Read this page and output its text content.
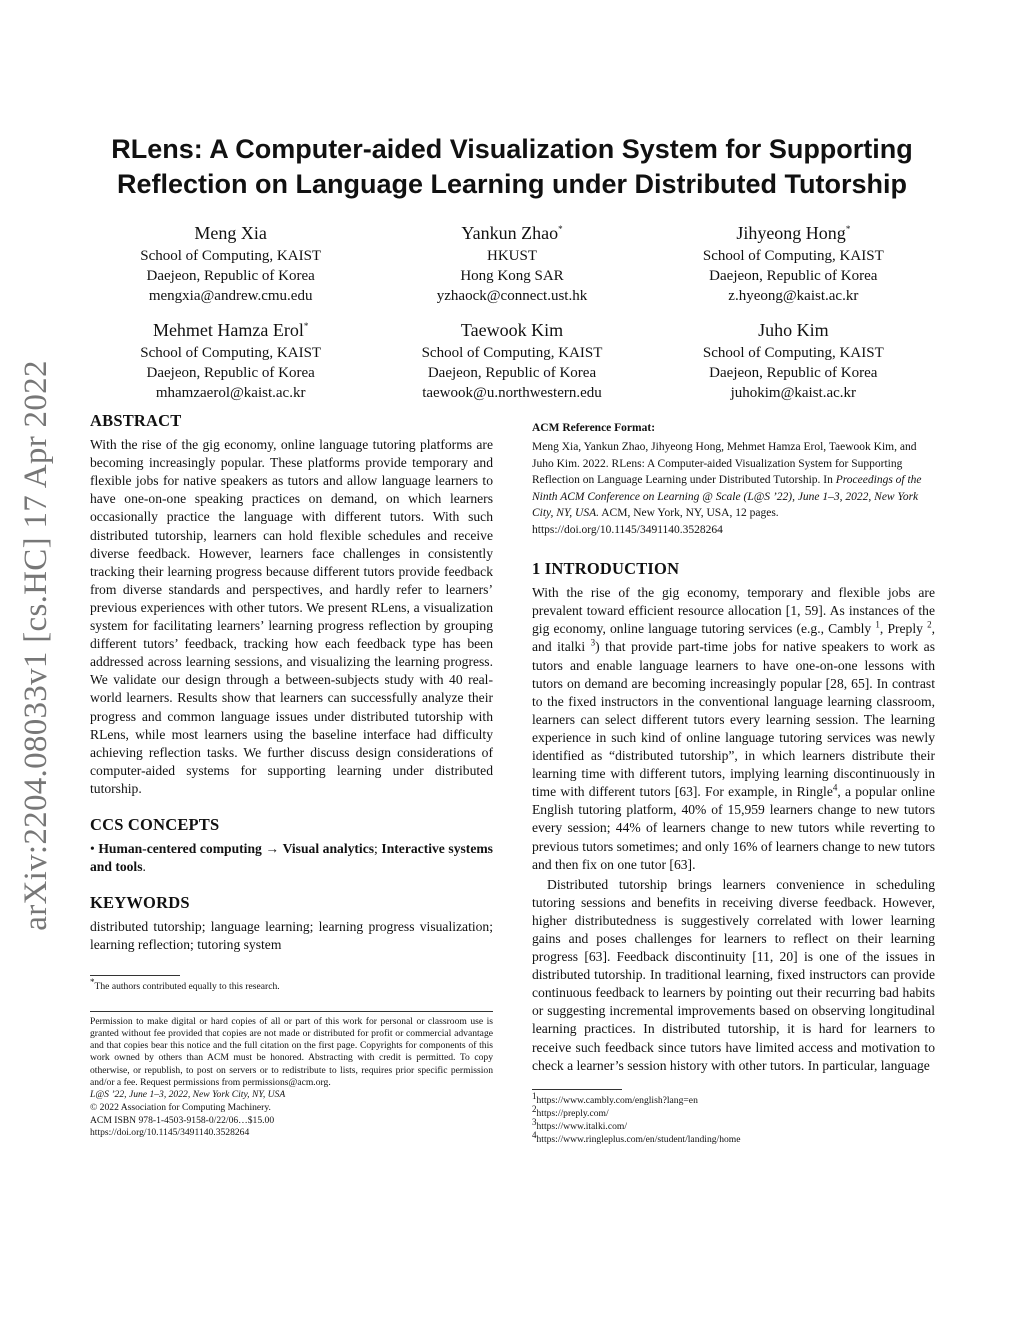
arXiv:2204.08033v1 [cs.HC] 17 Apr 2022
RLens: A Computer-aided Visualization System for Supporting
Reflection on Language Learning under Distributed Tutorship
Meng Xia
School of Computing, KAIST
Daejeon, Republic of Korea
mengxia@andrew.cmu.edu
Yankun Zhao*
HKUST
Hong Kong SAR
yzhaock@connect.ust.hk
Jihyeong Hong*
School of Computing, KAIST
Daejeon, Republic of Korea
z.hyeong@kaist.ac.kr
Mehmet Hamza Erol*
School of Computing, KAIST
Daejeon, Republic of Korea
mhamzaerol@kaist.ac.kr
Taewook Kim
School of Computing, KAIST
Daejeon, Republic of Korea
taewook@u.northwestern.edu
Juho Kim
School of Computing, KAIST
Daejeon, Republic of Korea
juhokim@kaist.ac.kr
ABSTRACT

With the rise of the gig economy, online language tutoring platforms are becoming increasingly popular. These platforms provide temporary and flexible jobs for native speakers as tutors and allow language learners to have one-on-one speaking practices on demand, on which learners occasionally practice the language with different tutors. With such distributed tutorship, learners can hold flexible schedules and receive diverse feedback. However, learners face challenges in consistently tracking their learning progress because different tutors provide feedback from diverse standards and perspectives, and hardly refer to learners’ previous experiences with other tutors. We present RLens, a visualization system for facilitating learners’ learning progress reflection by grouping different tutors’ feedback, tracking how each feedback type has been addressed across learning sessions, and visualizing the learning progress. We validate our design through a between-subjects study with 40 real-world learners. Results show that learners can successfully analyze their progress and common language issues under distributed tutorship with RLens, while most learners using the baseline interface had difficulty achieving reflection tasks. We further discuss design considerations of computer-aided systems for supporting learning under distributed tutorship.

CCS CONCEPTS

• Human-centered computing → Visual analytics; Interactive systems and tools.

KEYWORDS

distributed tutorship; language learning; learning progress visualization; learning reflection; tutoring system

*The authors contributed equally to this research.
Permission to make digital or hard copies of all or part of this work for personal or classroom use is granted without fee provided that copies are not made or distributed for profit or commercial advantage and that copies bear this notice and the full citation on the first page. Copyrights for components of this work owned by others than ACM must be honored. Abstracting with credit is permitted. To copy otherwise, or republish, to post on servers or to redistribute to lists, requires prior specific permission and/or a fee. Request permissions from permissions@acm.org.
L@S ’22, June 1–3, 2022, New York City, NY, USA
© 2022 Association for Computing Machinery.
ACM ISBN 978-1-4503-9158-0/22/06…$15.00
https://doi.org/10.1145/3491140.3528264
ACM Reference Format:
Meng Xia, Yankun Zhao, Jihyeong Hong, Mehmet Hamza Erol, Taewook Kim, and Juho Kim. 2022. RLens: A Computer-aided Visualization System for Supporting Reflection on Language Learning under Distributed Tutorship. In Proceedings of the Ninth ACM Conference on Learning @ Scale (L@S ’22), June 1–3, 2022, New York City, NY, USA. ACM, New York, NY, USA, 12 pages. https://doi.org/10.1145/3491140.3528264
1 INTRODUCTION

With the rise of the gig economy, temporary and flexible jobs are prevalent toward efficient resource allocation [1, 59]. As instances of the gig economy, online language tutoring services (e.g., Cambly $^1$, Preply $^2$, and italki $^3$) that provide part-time jobs for native speakers to work as tutors and enable language learners to have one-on-one lessons with tutors on demand are becoming increasingly popular [28, 65]. In contrast to the fixed instructors in the conventional language learning classroom, learners can select different tutors every learning session. The learning experience in such kind of online language tutoring services was newly identified as “distributed tutorship”, in which learners distribute their learning time with different tutors, implying learning discontinuously in time with different tutors [63]. For example, in Ringle$^4$, a popular online English tutoring platform, 40% of 15,959 learners change to new tutors every session; 44% of learners change to new tutors while reverting to previous tutors sometimes; and only 16% of learners change to new tutors and then fix on one tutor [63].

Distributed tutorship brings learners convenience in scheduling tutoring sessions and benefits in receiving diverse feedback. However, higher distributedness is suggestively correlated with lower learning gains and poses challenges for learners to reflect on their learning progress [63]. Feedback discontinuity [11, 20] is one of the issues in distributed tutorship. In traditional learning, fixed instructors can provide continuous feedback to learners by pointing out their recurring bad habits or suggesting incremental improvements based on observing longitudinal learning practices. In distributed tutorship, it is hard for learners to receive such feedback since tutors have limited access and motivation to check a learner’s session history with other tutors. In particular, language

$^1$https://www.cambly.com/english?lang=en
$^2$https://preply.com/
$^3$https://www.italki.com/
$^4$https://www.ringleplus.com/en/student/landing/home
